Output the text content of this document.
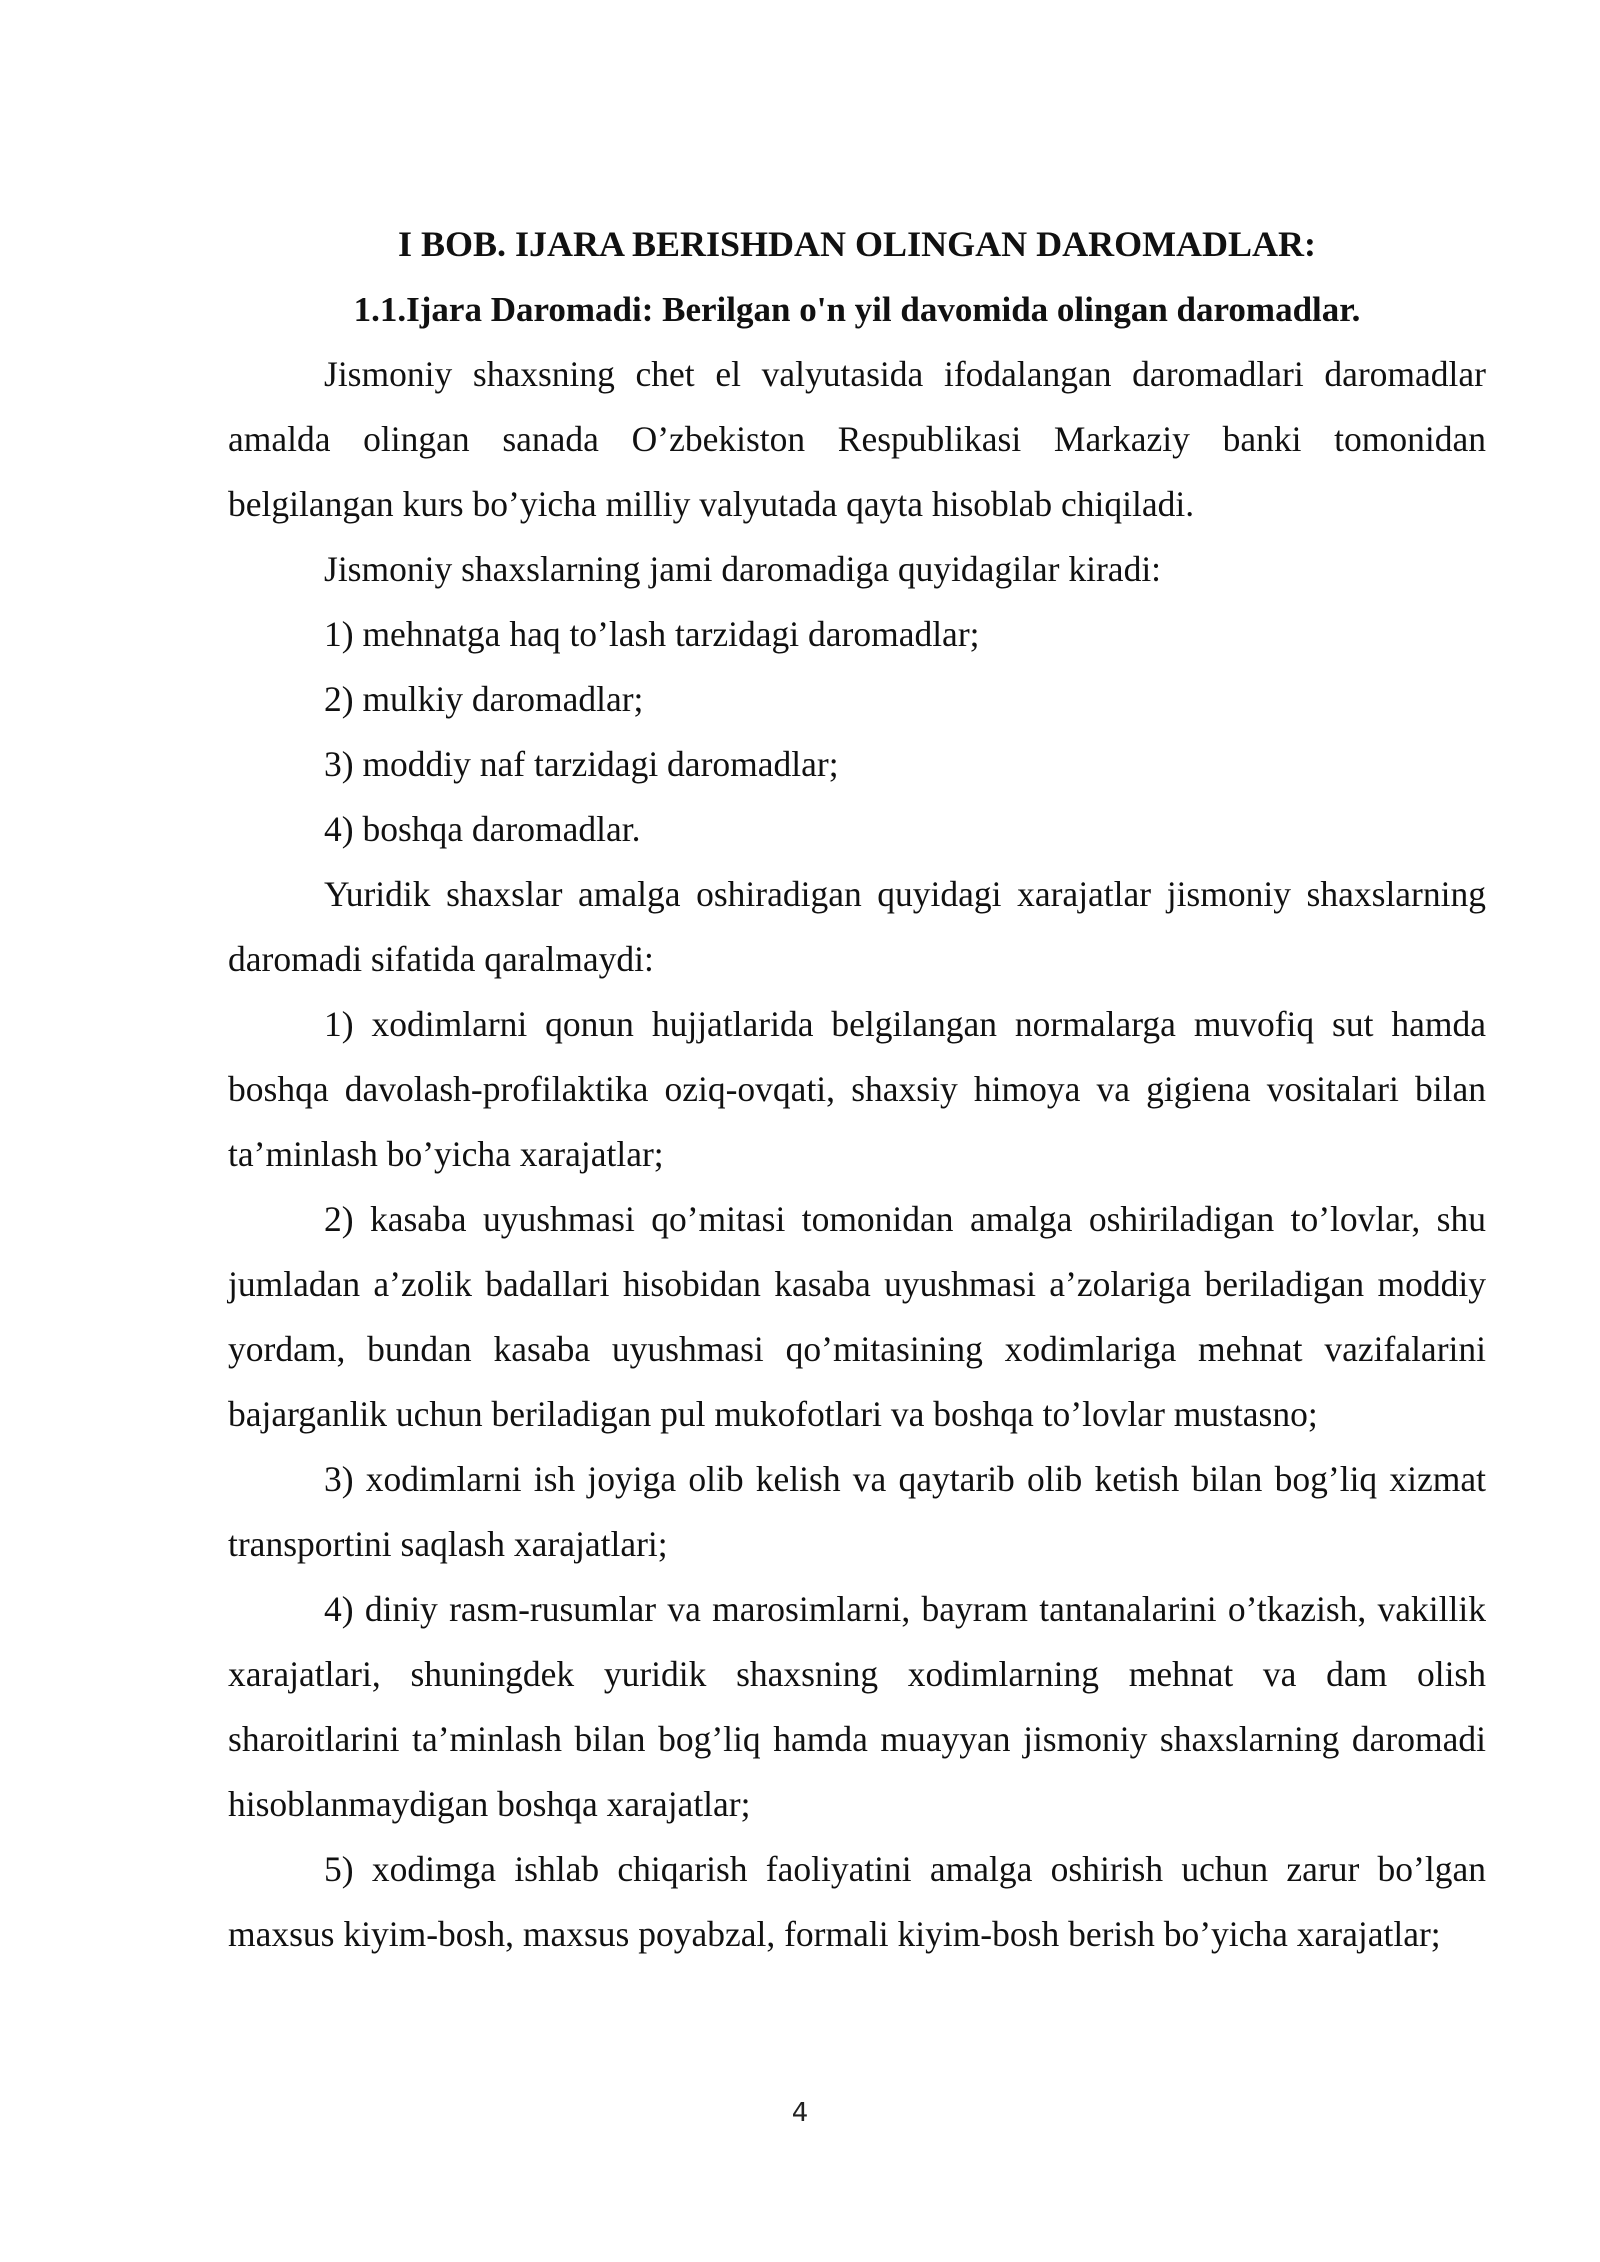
I BOB. IJARA BERISHDAN OLINGAN DAROMADLAR:

1.1.Ijara Daromadi: Berilgan o'n yil davomida olingan daromadlar.

Jismoniy shaxsning chet el valyutasida ifodalangan daromadlari daromadlar amalda olingan sanada O’zbekiston Respublikasi Markaziy banki tomonidan belgilangan kurs bo’yicha milliy valyutada qayta hisoblab chiqiladi.

Jismoniy shaxslarning jami daromadiga quyidagilar kiradi:

1) mehnatga haq to’lash tarzidagi daromadlar;

2) mulkiy daromadlar;

3) moddiy naf tarzidagi daromadlar;

4) boshqa daromadlar.

Yuridik shaxslar amalga oshiradigan quyidagi xarajatlar jismoniy shaxslarning daromadi sifatida qaralmaydi:

1) xodimlarni qonun hujjatlarida belgilangan normalarga muvofiq sut hamda boshqa davolash-profilaktika oziq-ovqati, shaxsiy himoya va gigiena vositalari bilan ta’minlash bo’yicha xarajatlar;

2) kasaba uyushmasi qo’mitasi tomonidan amalga oshiriladigan to’lovlar, shu jumladan a’zolik badallari hisobidan kasaba uyushmasi a’zolariga beriladigan moddiy yordam, bundan kasaba uyushmasi qo’mitasining xodimlariga mehnat vazifalarini bajarganlik uchun beriladigan pul mukofotlari va boshqa to’lovlar mustasno;

3) xodimlarni ish joyiga olib kelish va qaytarib olib ketish bilan bog’liq xizmat transportini saqlash xarajatlari;

4) diniy rasm-rusumlar va marosimlarni, bayram tantanalarini o’tkazish, vakillik xarajatlari, shuningdek yuridik shaxsning xodimlarning mehnat va dam olish sharoitlarini ta’minlash bilan bog’liq hamda muayyan jismoniy shaxslarning daromadi hisoblanmaydigan boshqa xarajatlar;

5) xodimga ishlab chiqarish faoliyatini amalga oshirish uchun zarur bo’lgan maxsus kiyim-bosh, maxsus poyabzal, formali kiyim-bosh berish bo’yicha xarajatlar;

4
